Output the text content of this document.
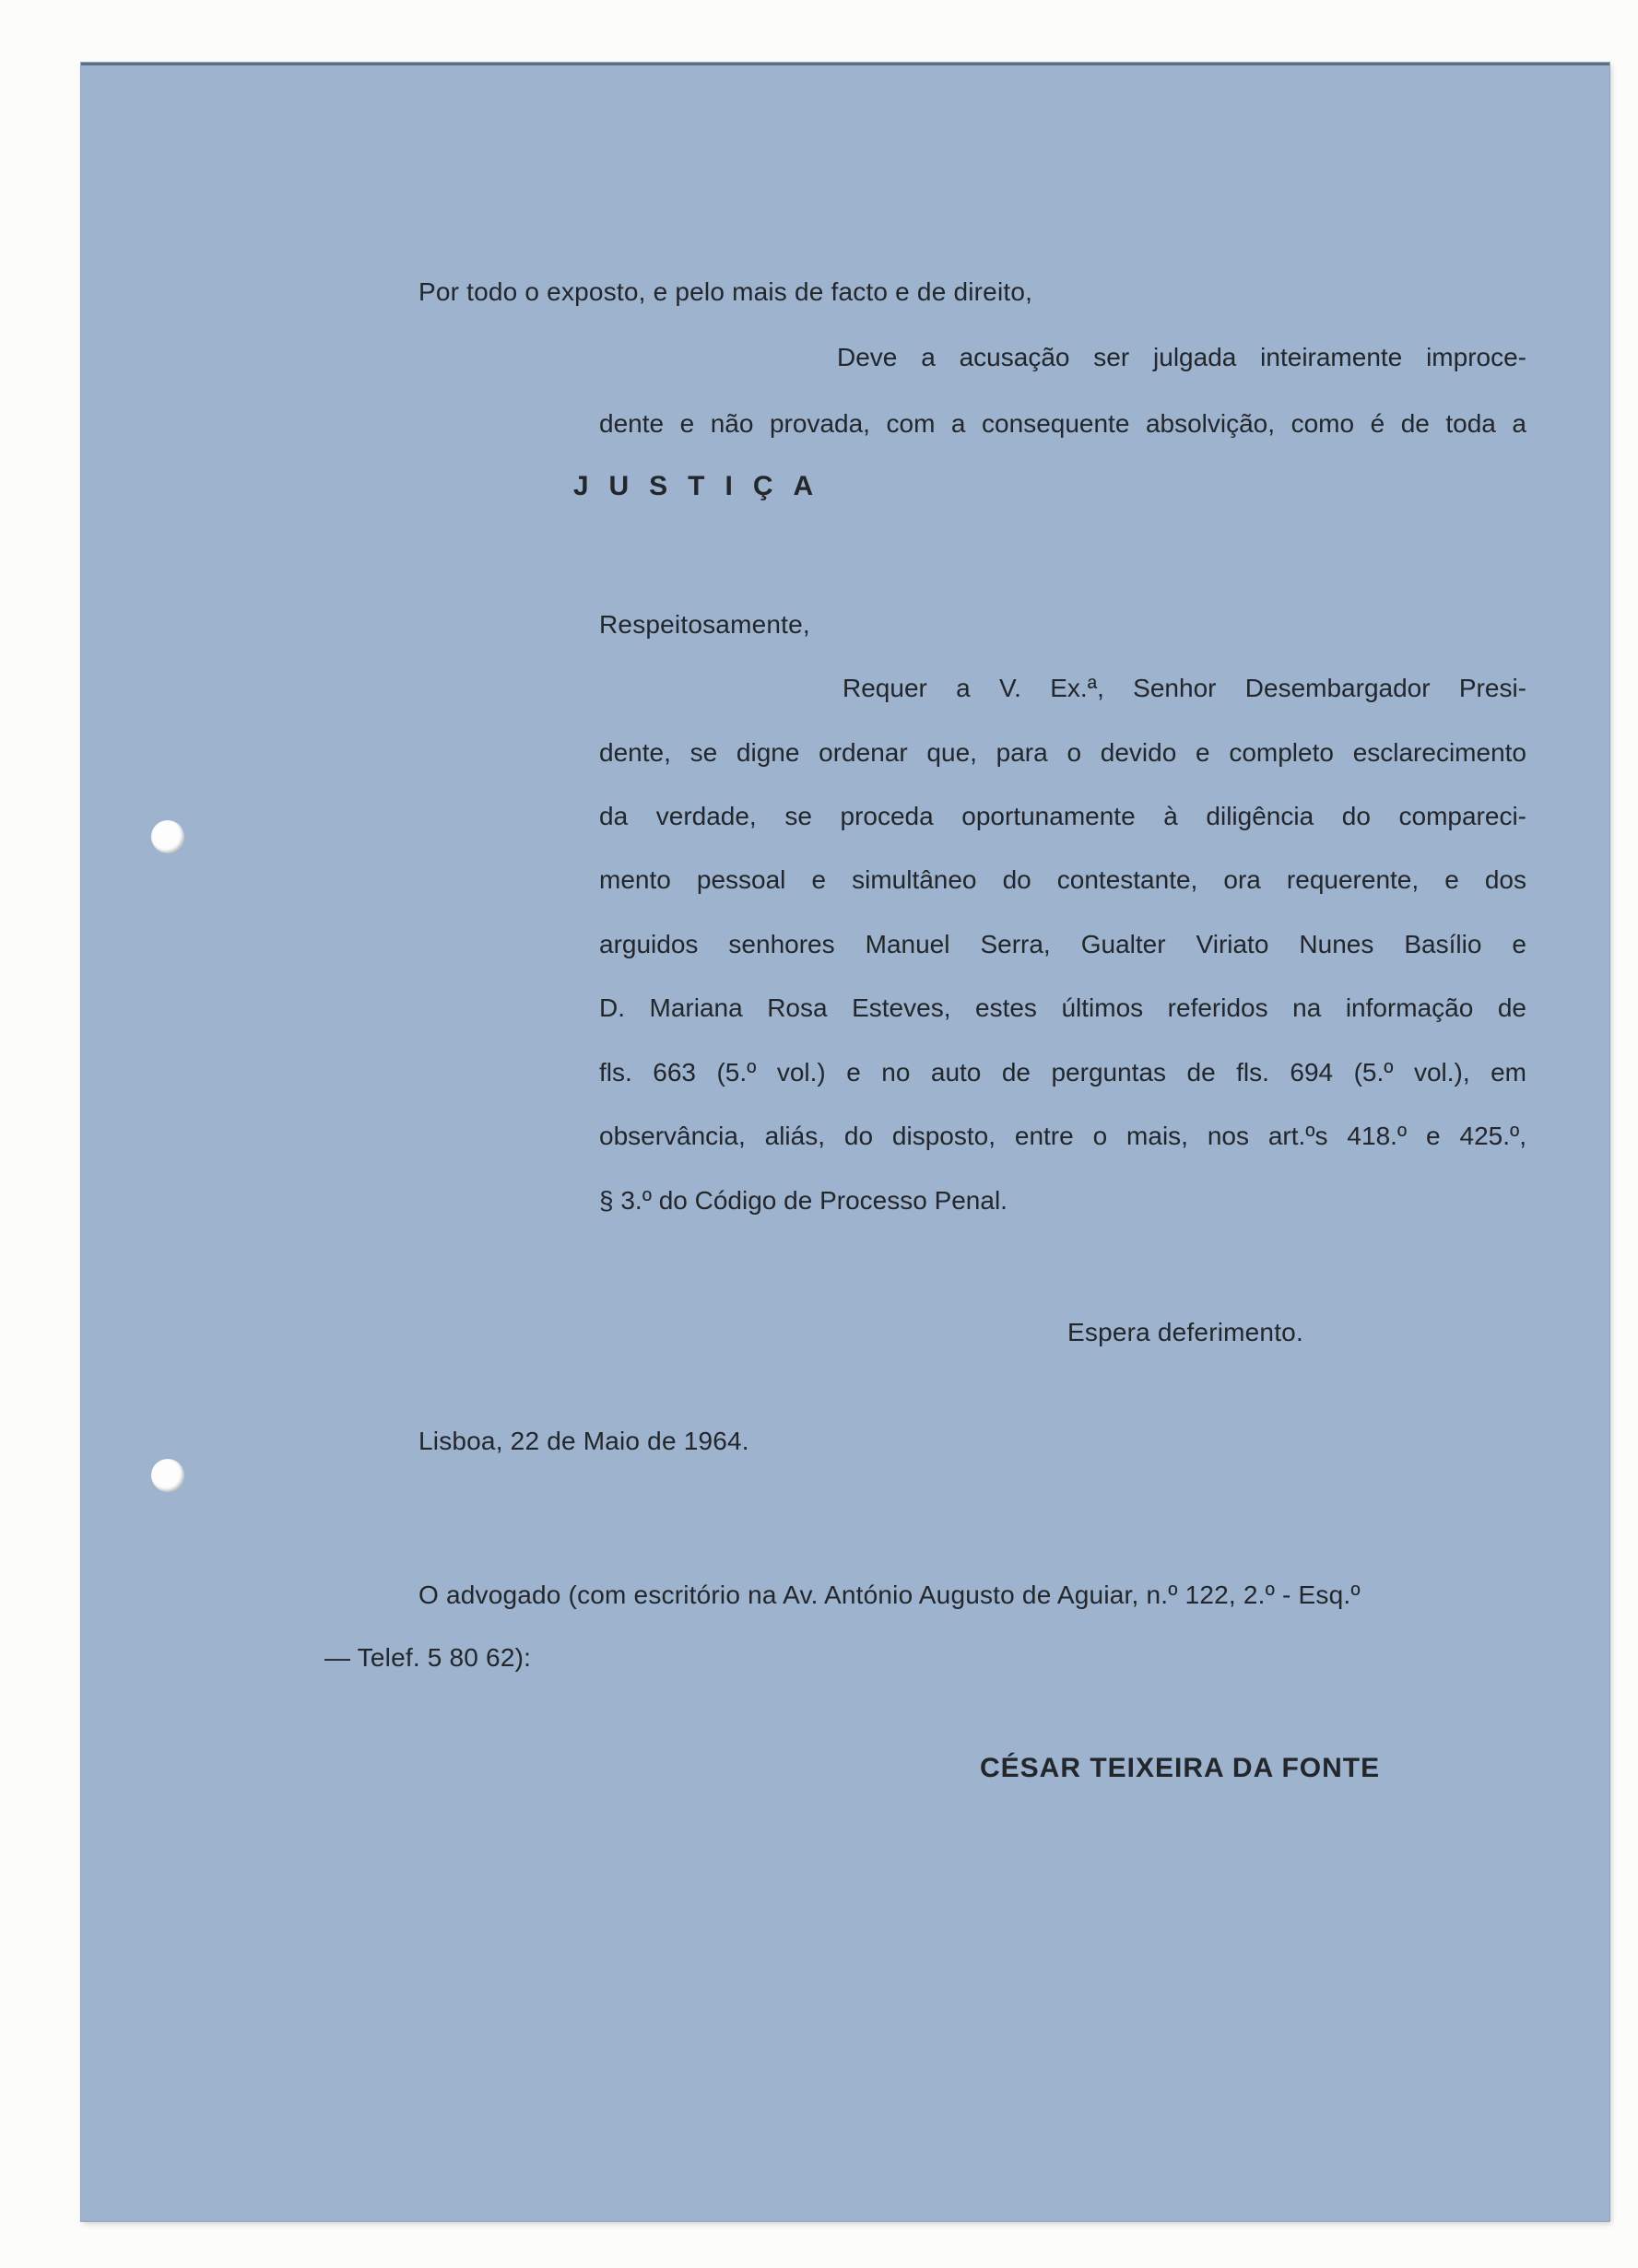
Por todo o exposto, e pelo mais de facto e de direito,
Deve a acusação ser julgada inteiramente improce-
dente e não provada, com a consequente absolvição, como é de toda a
JUSTIÇA
Respeitosamente,
Requer a V. Ex.ª, Senhor Desembargador Presi-
dente, se digne ordenar que, para o devido e completo esclarecimento
da verdade, se proceda oportunamente à diligência do compareci-
mento pessoal e simultâneo do contestante, ora requerente, e dos
arguidos senhores Manuel Serra, Gualter Viriato Nunes Basílio e
D. Mariana Rosa Esteves, estes últimos referidos na informação de
fls. 663 (5.º vol.) e no auto de perguntas de fls. 694 (5.º vol.), em
observância, aliás, do disposto, entre o mais, nos art.ºs 418.º e 425.º,
§ 3.º do Código de Processo Penal.
Espera deferimento.
Lisboa, 22 de Maio de 1964.
O advogado (com escritório na Av. António Augusto de Aguiar, n.º 122, 2.º - Esq.º
— Telef. 5 80 62):
CÉSAR TEIXEIRA DA FONTE
